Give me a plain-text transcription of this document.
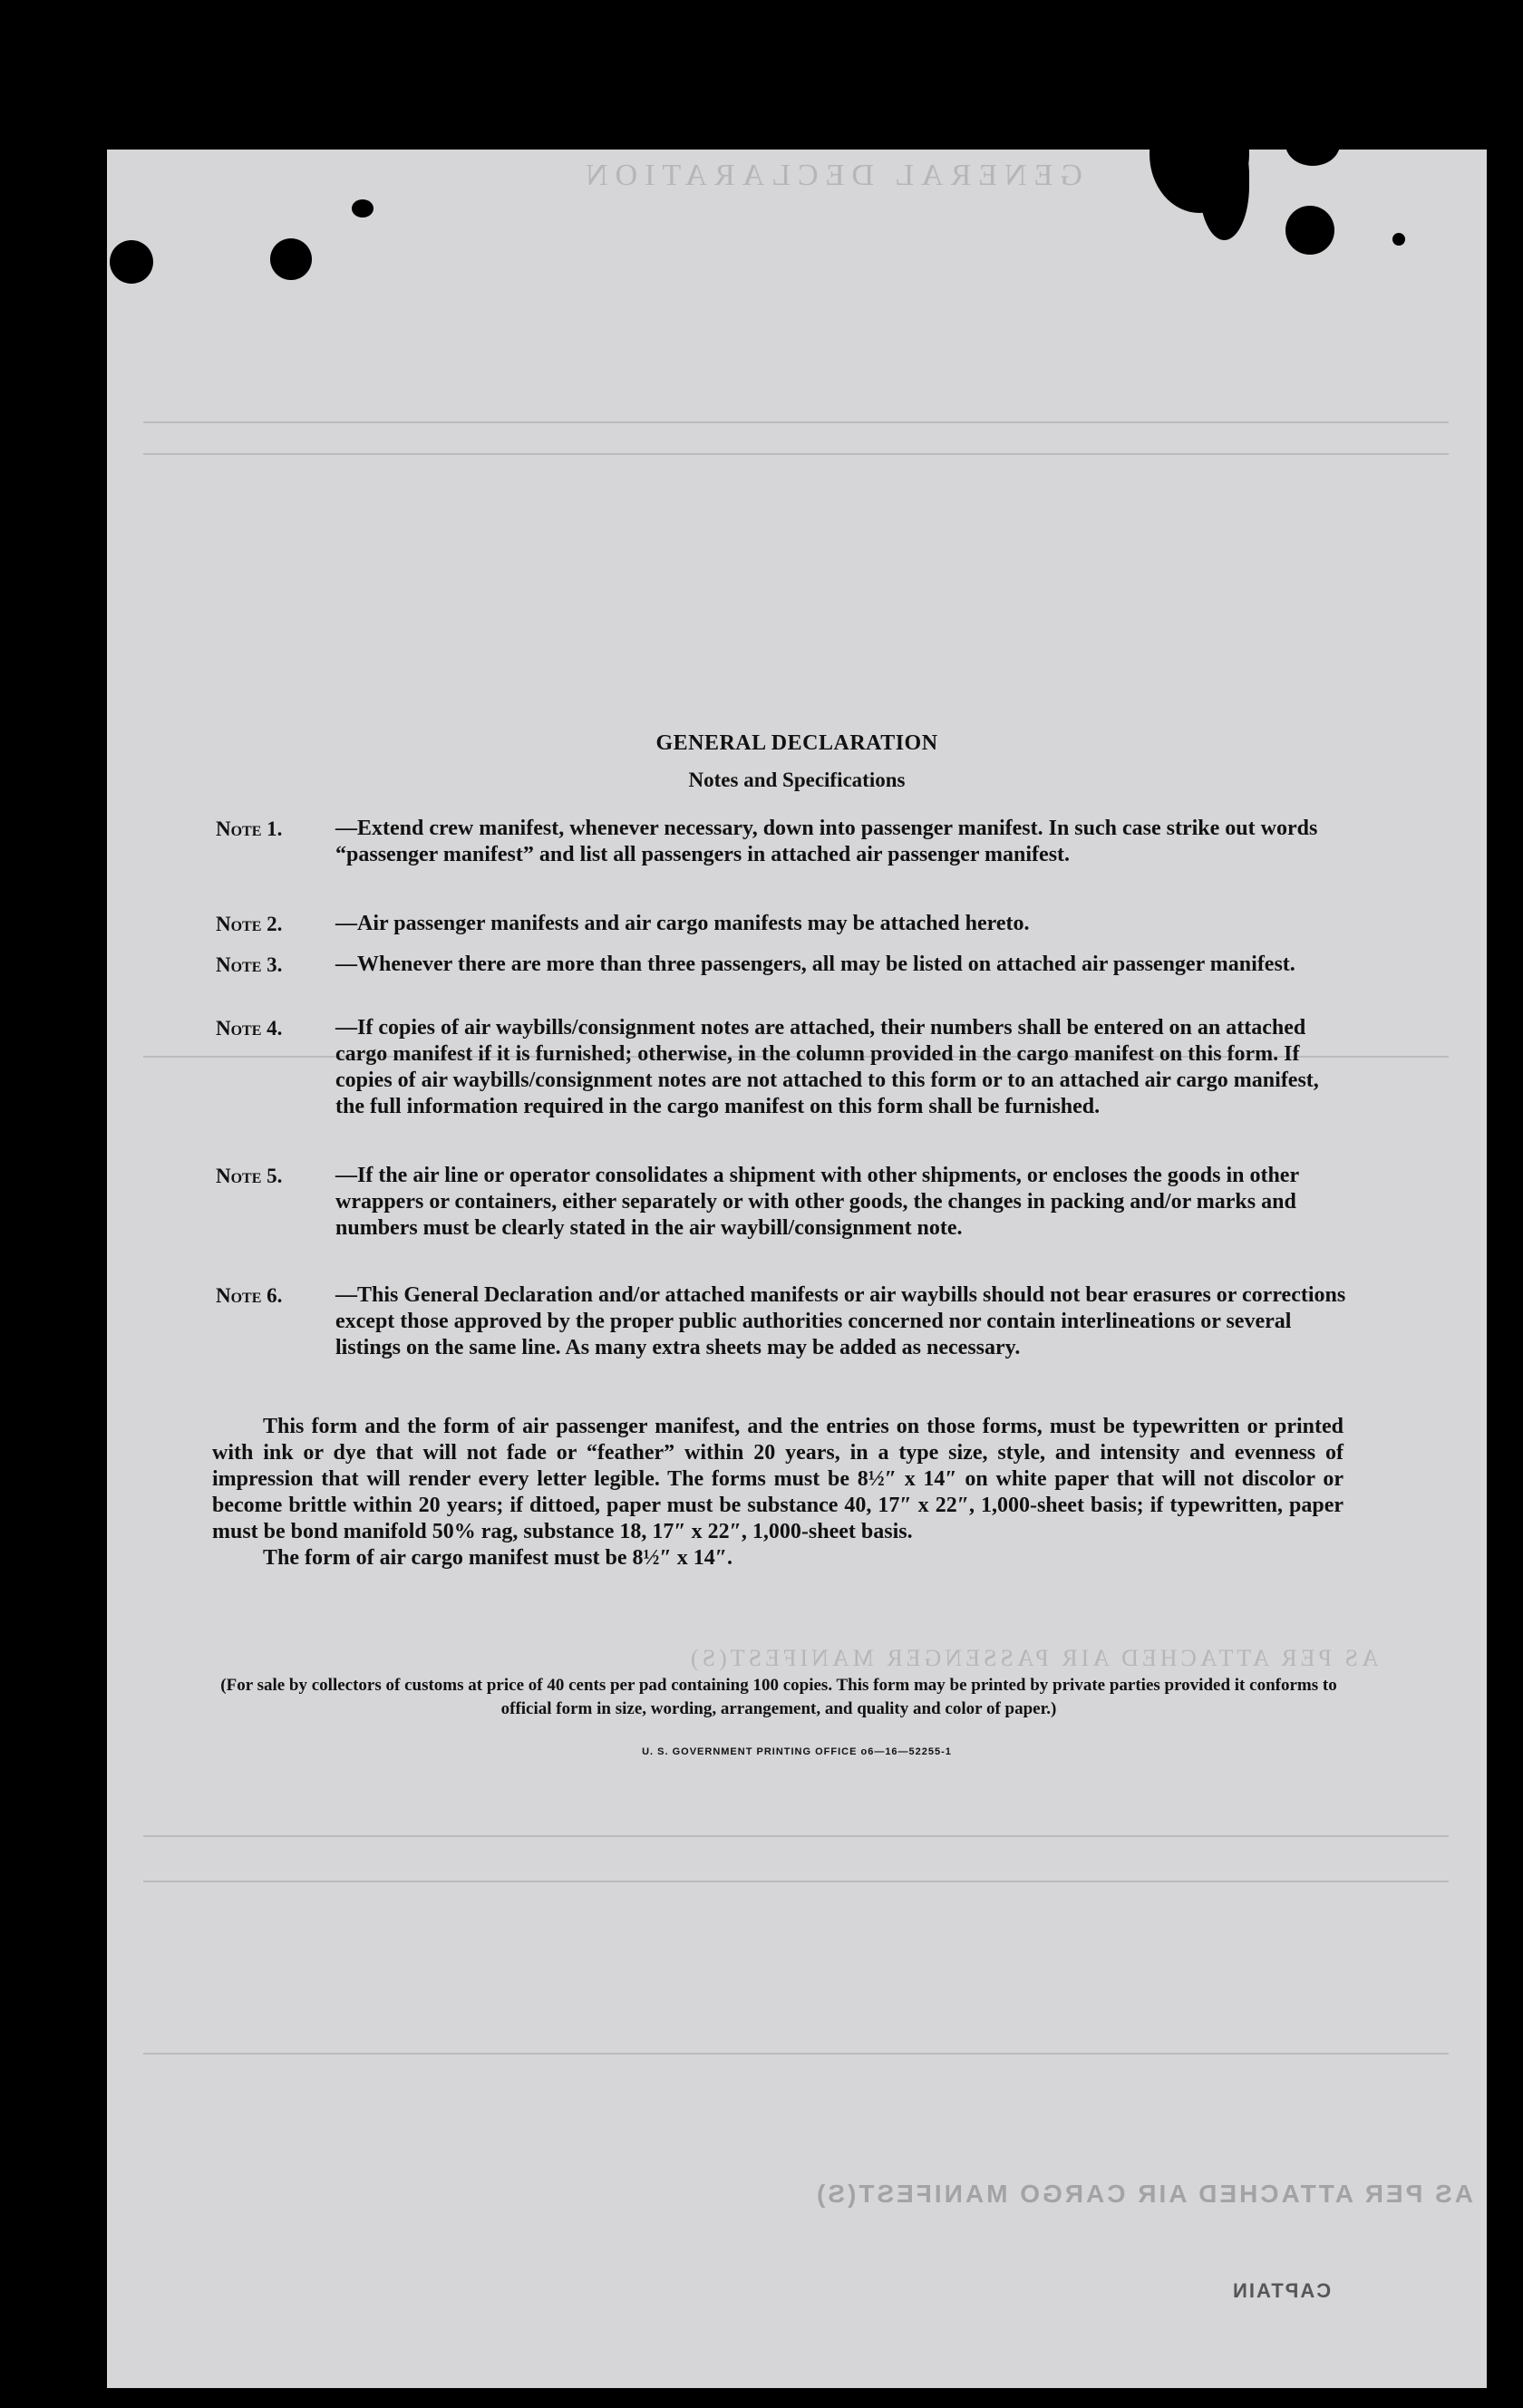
GENERAL DECLARATION
AS PER ATTACHED AIR PASSENGER MANIFEST(S)
AS PER ATTACHED AIR CARGO MANIFEST(S)
GENERAL DECLARATION
Notes and Specifications
Note 1.	—Extend crew manifest, whenever necessary, down into passenger manifest. In such case strike out words “passenger manifest” and list all passengers in attached air passenger manifest.
Note 2.	—Air passenger manifests and air cargo manifests may be attached hereto.
Note 3.	—Whenever there are more than three passengers, all may be listed on attached air passenger manifest.
Note 4.	—If copies of air waybills/consignment notes are attached, their numbers shall be entered on an attached cargo manifest if it is furnished; otherwise, in the column provided in the cargo manifest on this form. If copies of air waybills/consignment notes are not attached to this form or to an attached air cargo manifest, the full information required in the cargo manifest on this form shall be furnished.
Note 5.	—If the air line or operator consolidates a shipment with other shipments, or encloses the goods in other wrappers or containers, either separately or with other goods, the changes in packing and/or marks and numbers must be clearly stated in the air waybill/consignment note.
Note 6.	—This General Declaration and/or attached manifests or air waybills should not bear erasures or corrections except those approved by the proper public authorities concerned nor contain interlineations or several listings on the same line. As many extra sheets may be added as necessary.

This form and the form of air passenger manifest, and the entries on those forms, must be typewritten or printed with ink or dye that will not fade or “feather” within 20 years, in a type size, style, and intensity and evenness of impression that will render every letter legible. The forms must be 8½″ x 14″ on white paper that will not discolor or become brittle within 20 years; if dittoed, paper must be substance 40, 17″ x 22″, 1,000-sheet basis; if typewritten, paper must be bond manifold 50% rag, substance 18, 17″ x 22″, 1,000-sheet basis.

The form of air cargo manifest must be 8½″ x 14″.

(For sale by collectors of customs at price of 40 cents per pad containing 100 copies. This form may be printed by private parties provided it conforms to official form in size, wording, arrangement, and quality and color of paper.)
U. S. GOVERNMENT PRINTING OFFICE o6—16—52255-1
CAPTAIN
